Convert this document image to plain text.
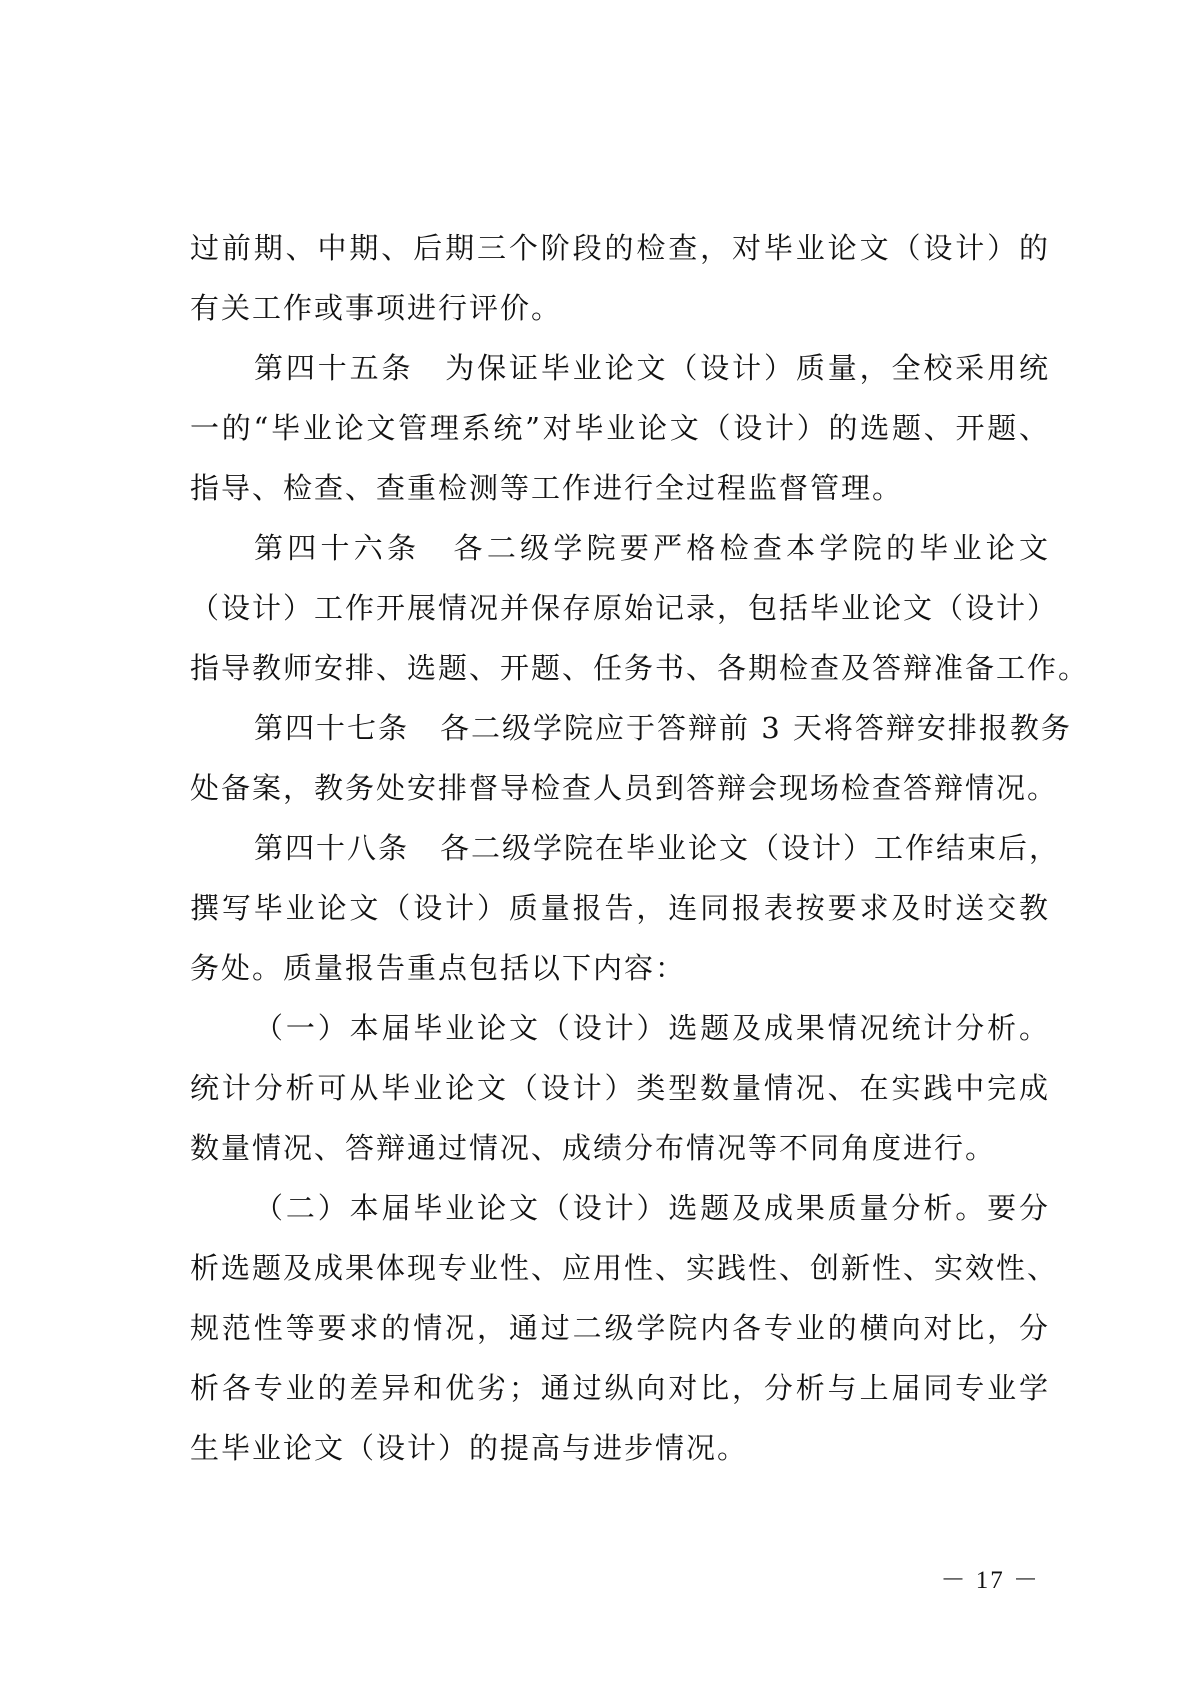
过前期、中期、后期三个阶段的检查，对毕业论文（设计）的
有关工作或事项进行评价。
第四十五条　为保证毕业论文（设计）质量，全校采用统
一的“毕业论文管理系统”对毕业论文（设计）的选题、开题、
指导、检查、查重检测等工作进行全过程监督管理。
第四十六条　各二级学院要严格检查本学院的毕业论文
（设计）工作开展情况并保存原始记录，包括毕业论文（设计）
指导教师安排、选题、开题、任务书、各期检查及答辩准备工作。
第四十七条　各二级学院应于答辩前 3 天将答辩安排报教务
处备案，教务处安排督导检查人员到答辩会现场检查答辩情况。
第四十八条　各二级学院在毕业论文（设计）工作结束后，
撰写毕业论文（设计）质量报告，连同报表按要求及时送交教
务处。质量报告重点包括以下内容：
（一）本届毕业论文（设计）选题及成果情况统计分析。
统计分析可从毕业论文（设计）类型数量情况、在实践中完成
数量情况、答辩通过情况、成绩分布情况等不同角度进行。
（二）本届毕业论文（设计）选题及成果质量分析。要分
析选题及成果体现专业性、应用性、实践性、创新性、实效性、
规范性等要求的情况，通过二级学院内各专业的横向对比，分
析各专业的差异和优劣；通过纵向对比，分析与上届同专业学
生毕业论文（设计）的提高与进步情况。
－ 17 －
